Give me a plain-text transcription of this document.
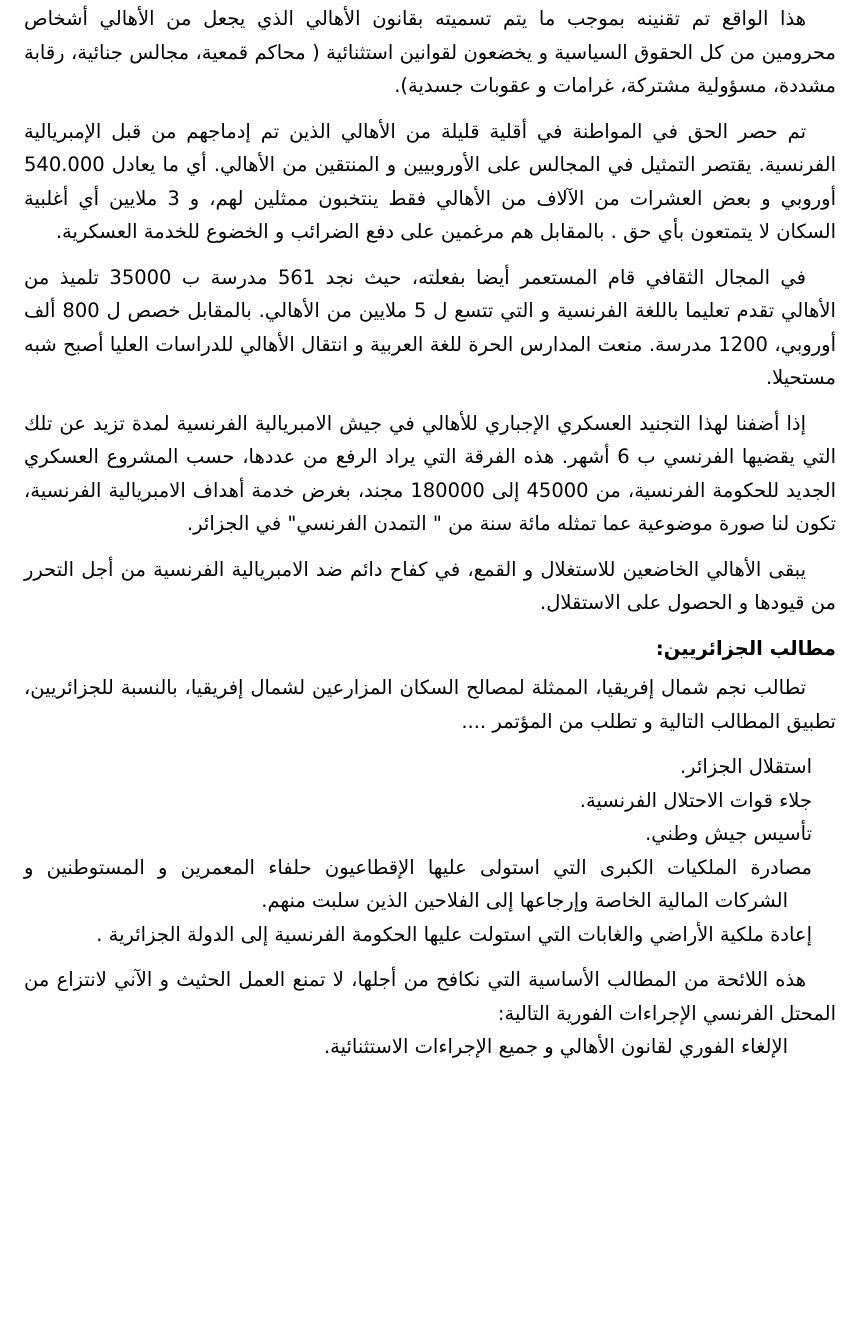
هذا الواقع تم تقنينه بموجب ما يتم تسميته بقانون الأهالي الذي يجعل من الأهالي أشخاص محرومين من كل الحقوق السياسية و يخضعون لقوانين استثنائية ( محاكم قمعية، مجالس جنائية، رقابة مشددة، مسؤولية مشتركة، غرامات و عقوبات جسدية).

تم حصر الحق في المواطنة في أقلية قليلة من الأهالي الذين تم إدماجهم من قبل الإمبريالية الفرنسية. يقتصر التمثيل في المجالس على الأوروبيين و المنتقين من الأهالي. أي ما يعادل 540.000 أوروبي و بعض العشرات من الآلاف من الأهالي فقط ينتخبون ممثلين لهم، و 3 ملايين أي أغلبية السكان لا يتمتعون بأي حق . بالمقابل هم مرغمين على دفع الضرائب و الخضوع للخدمة العسكرية.

في المجال الثقافي قام المستعمر أيضا بفعلته، حيث نجد 561 مدرسة ب 35000 تلميذ من الأهالي تقدم تعليما باللغة الفرنسية و التي تتسع ل 5 ملايين من الأهالي. بالمقابل خصص ل 800 ألف أوروبي، 1200 مدرسة. منعت المدارس الحرة للغة العربية و انتقال الأهالي للدراسات العليا أصبح شبه مستحيلا.

إذا أضفنا لهذا التجنيد العسكري الإجباري للأهالي في جيش الامبريالية الفرنسية لمدة تزيد عن تلك التي يقضيها الفرنسي ب 6 أشهر. هذه الفرقة التي يراد الرفع من عددها، حسب المشروع العسكري الجديد للحكومة الفرنسية، من 45000 إلى 180000 مجند، بغرض خدمة أهداف الامبريالية الفرنسية، تكون لنا صورة موضوعية عما تمثله مائة سنة من " التمدن الفرنسي" في الجزائر.

يبقى الأهالي الخاضعين للاستغلال و القمع، في كفاح دائم ضد الامبريالية الفرنسية من أجل التحرر من قيودها و الحصول على الاستقلال.

مطالب الجزائريين:

تطالب نجم شمال إفريقيا، الممثلة لمصالح السكان المزارعين لشمال إفريقيا، بالنسبة للجزائريين، تطبيق المطالب التالية و تطلب من المؤتمر ....

استقلال الجزائر.
جلاء قوات الاحتلال الفرنسية.
تأسيس جيش وطني.
مصادرة الملكيات الكبرى التي استولى عليها الإقطاعيون حلفاء المعمرين و المستوطنين و الشركات المالية الخاصة وإرجاعها إلى الفلاحين الذين سلبت منهم.
إعادة ملكية الأراضي والغابات التي استولت عليها الحكومة الفرنسية إلى الدولة الجزائرية .

هذه اللائحة من المطالب الأساسية التي نكافح من أجلها، لا تمنع العمل الحثيث و الآني لانتزاع من المحتل الفرنسي الإجراءات الفورية التالية:

الإلغاء الفوري لقانون الأهالي و جميع الإجراءات الاستثنائية.
